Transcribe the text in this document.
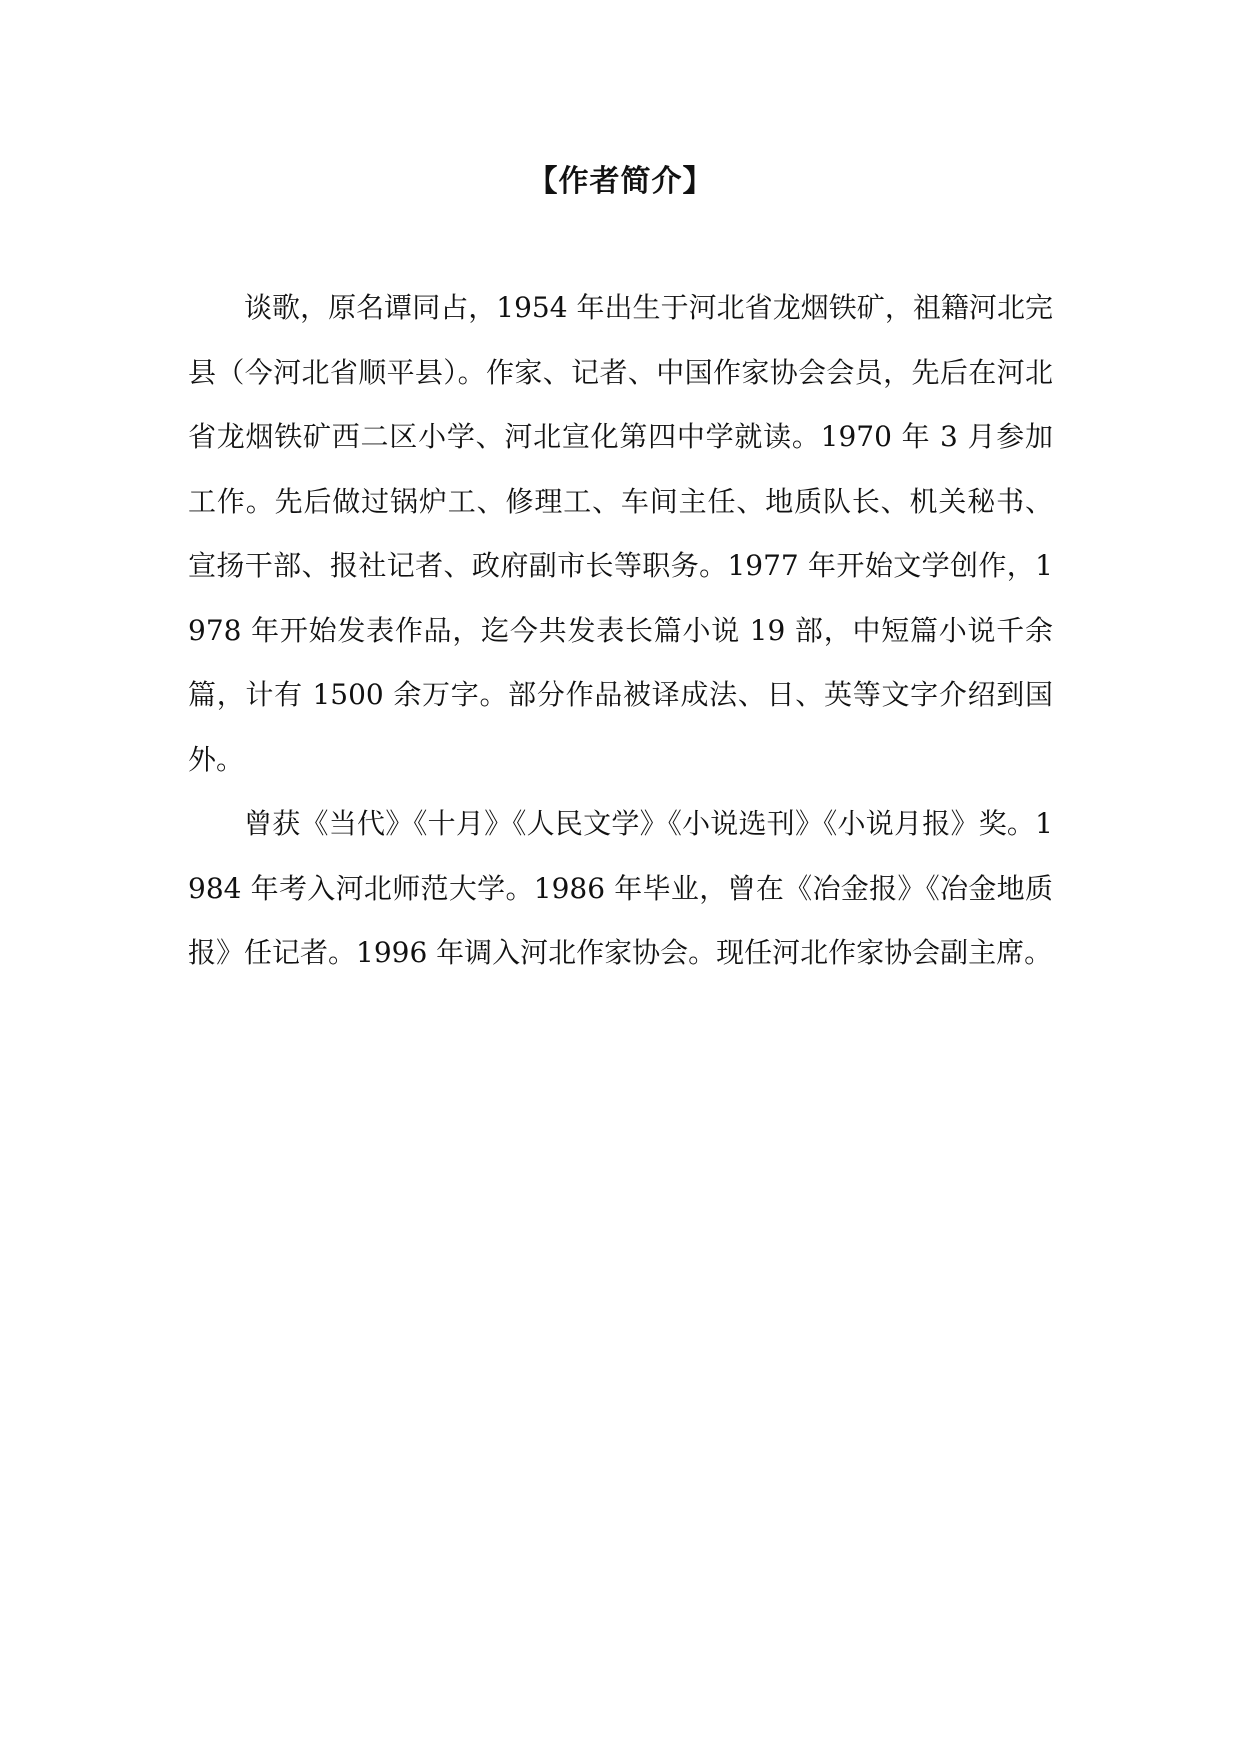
【作者简介】

谈歌，原名谭同占，1954 年出生于河北省龙烟铁矿，祖籍河北完县（今河北省顺平县）。作家、记者、中国作家协会会员，先后在河北省龙烟铁矿西二区小学、河北宣化第四中学就读。1970 年 3 月参加工作。先后做过锅炉工、修理工、车间主任、地质队长、机关秘书、宣扬干部、报社记者、政府副市长等职务。1977 年开始文学创作，1978 年开始发表作品，迄今共发表长篇小说 19 部，中短篇小说千余篇，计有 1500 余万字。部分作品被译成法、日、英等文字介绍到国外。

曾获《当代》《十月》《人民文学》《小说选刊》《小说月报》奖。1984 年考入河北师范大学。1986 年毕业，曾在《冶金报》《冶金地质报》任记者。1996 年调入河北作家协会。现任河北作家协会副主席。
